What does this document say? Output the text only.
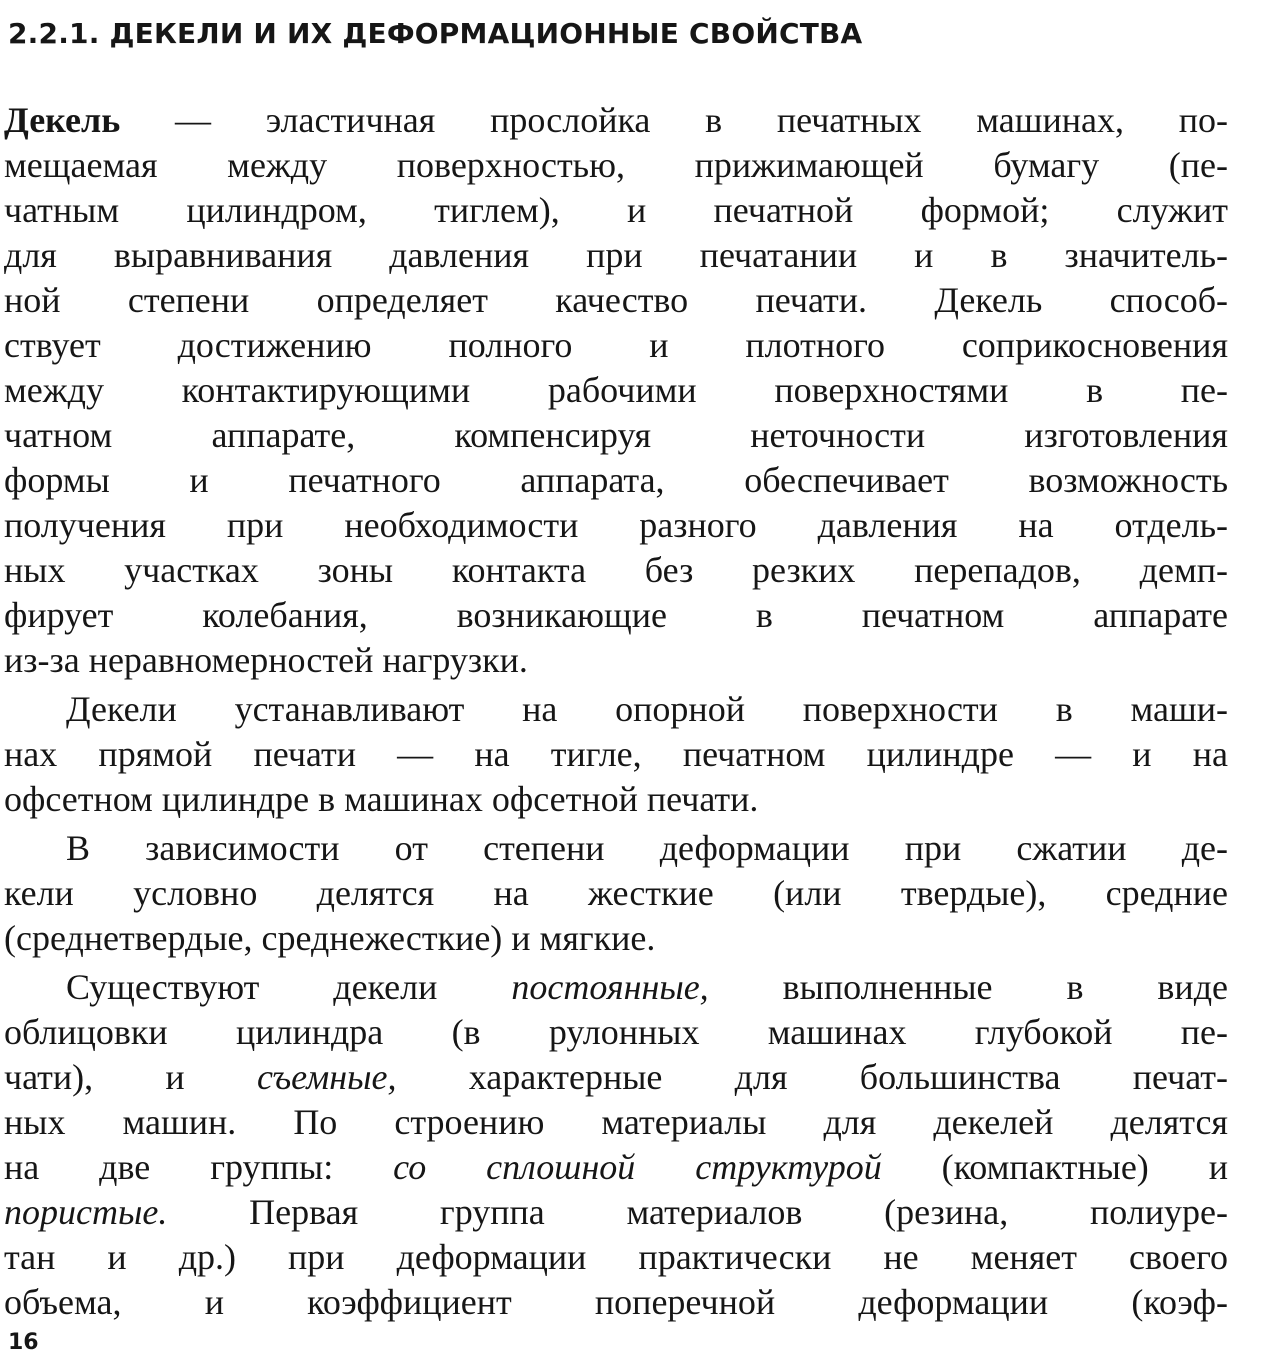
2.2.1. ДЕКЕЛИ И ИХ ДЕФОРМАЦИОННЫЕ СВОЙСТВА
Декель — эластичная прослойка в печатных машинах, по-
мещаемая между поверхностью, прижимающей бумагу (пе-
чатным цилиндром, тиглем), и печатной формой; служит
для выравнивания давления при печатании и в значитель-
ной степени определяет качество печати. Декель способ-
ствует достижению полного и плотного соприкосновения
между контактирующими рабочими поверхностями в пе-
чатном аппарате, компенсируя неточности изготовления
формы и печатного аппарата, обеспечивает возможность
получения при необходимости разного давления на отдель-
ных участках зоны контакта без резких перепадов, демп-
фирует колебания, возникающие в печатном аппарате
из-за неравномерностей нагрузки.
Декели устанавливают на опорной поверхности в маши-
нах прямой печати — на тигле, печатном цилиндре — и на
офсетном цилиндре в машинах офсетной печати.
В зависимости от степени деформации при сжатии де-
кели условно делятся на жесткие (или твердые), средние
(среднетвердые, среднежесткие) и мягкие.
Существуют декели постоянные, выполненные в виде
облицовки цилиндра (в рулонных машинах глубокой пе-
чати), и съемные, характерные для большинства печат-
ных машин. По строению материалы для декелей делятся
на две группы: со сплошной структурой (компактные) и
пористые. Первая группа материалов (резина, полиуре-
тан и др.) при деформации практически не меняет своего
объема, и коэффициент поперечной деформации (коэф-
16
